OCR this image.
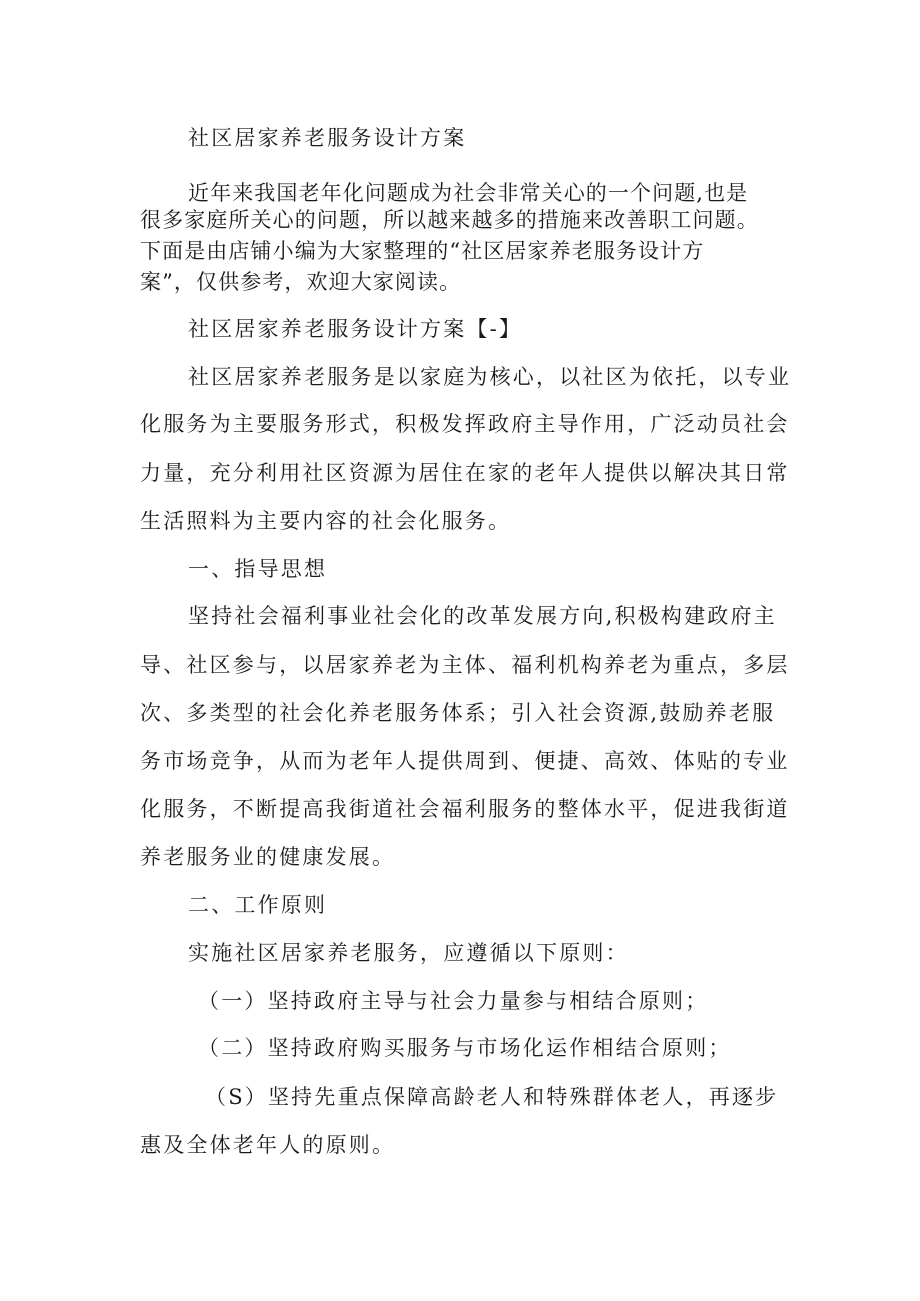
社区居家养老服务设计方案
近年来我国老年化问题成为社会非常关心的一个问题,也是
很多家庭所关心的问题，所以越来越多的措施来改善职工问题。
下面是由店铺小编为大家整理的“社区居家养老服务设计方
案”，仅供参考，欢迎大家阅读。
社区居家养老服务设计方案【-】
社区居家养老服务是以家庭为核心，以社区为依托，以专业
化服务为主要服务形式，积极发挥政府主导作用，广泛动员社会
力量，充分利用社区资源为居住在家的老年人提供以解决其日常
生活照料为主要内容的社会化服务。
一、指导思想
坚持社会福利事业社会化的改革发展方向,积极构建政府主
导、社区参与，以居家养老为主体、福利机构养老为重点，多层
次、多类型的社会化养老服务体系；引入社会资源,鼓励养老服
务市场竞争，从而为老年人提供周到、便捷、高效、体贴的专业
化服务，不断提高我街道社会福利服务的整体水平，促进我街道
养老服务业的健康发展。
二、工作原则
实施社区居家养老服务，应遵循以下原则：
（一）坚持政府主导与社会力量参与相结合原则；
（二）坚持政府购买服务与市场化运作相结合原则；
（S）坚持先重点保障高龄老人和特殊群体老人，再逐步
惠及全体老年人的原则。
